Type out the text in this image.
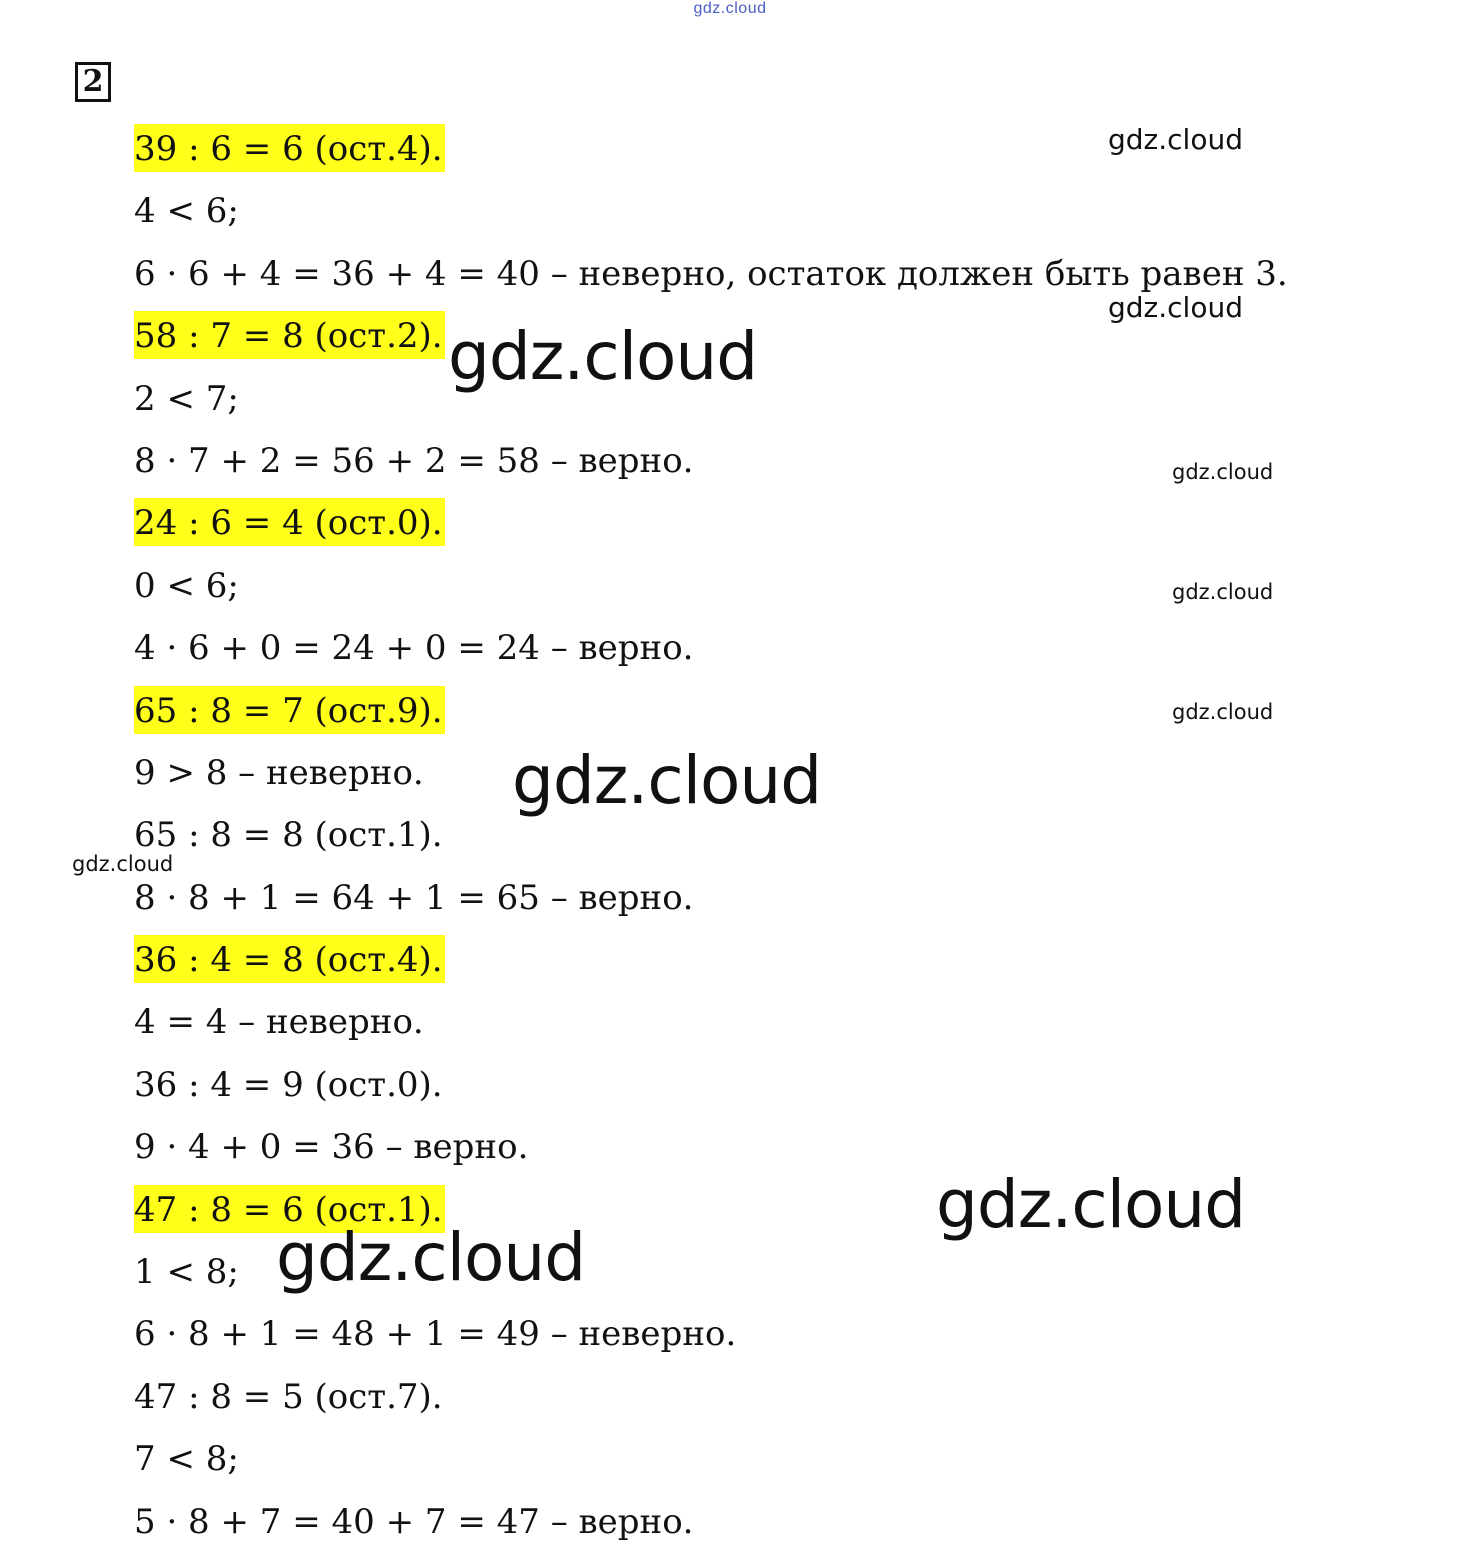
gdz.cloud
2
39 : 6 = 6 (ост.4).
4 < 6;
6 · 6 + 4 = 36 + 4 = 40 – неверно, остаток должен быть равен 3.
58 : 7 = 8 (ост.2).
2 < 7;
8 · 7 + 2 = 56 + 2 = 58 – верно.
24 : 6 = 4 (ост.0).
0 < 6;
4 · 6 + 0 = 24 + 0 = 24 – верно.
65 : 8 = 7 (ост.9).
9 > 8 – неверно.
65 : 8 = 8 (ост.1).
8 · 8 + 1 = 64 + 1 = 65 – верно.
36 : 4 = 8 (ост.4).
4 = 4 – неверно.
36 : 4 = 9 (ост.0).
9 · 4 + 0 = 36 – верно.
47 : 8 = 6 (ост.1).
1 < 8;
6 · 8 + 1 = 48 + 1 = 49 – неверно.
47 : 8 = 5 (ост.7).
7 < 8;
5 · 8 + 7 = 40 + 7 = 47 – верно.
gdz.cloud
gdz.cloud
gdz.cloud
gdz.cloud
gdz.cloud
gdz.cloud
gdz.cloud
gdz.cloud
gdz.cloud
gdz.cloud
